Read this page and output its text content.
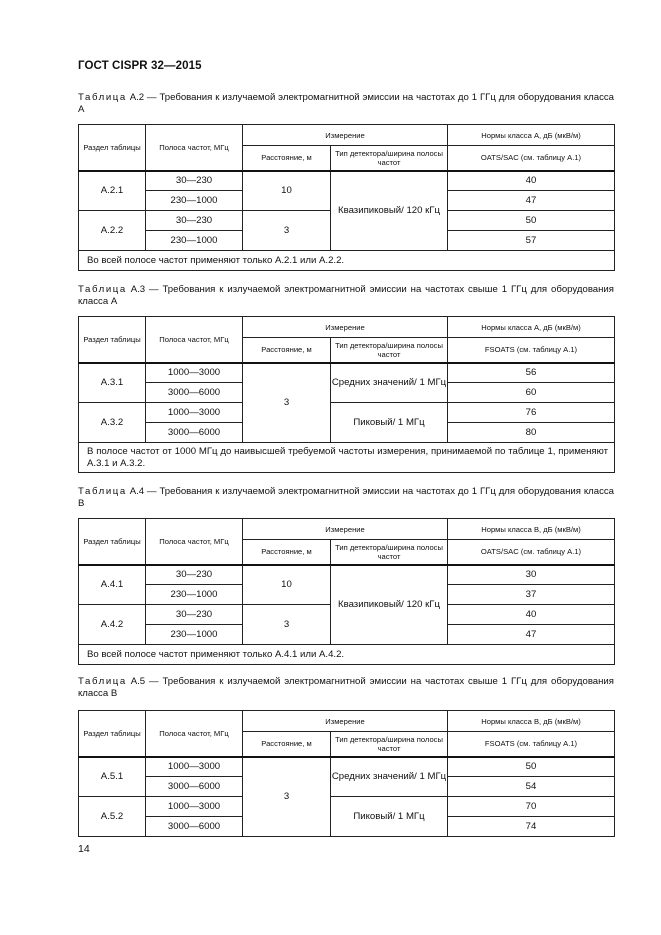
ГОСТ CISPR 32—2015
Таблица А.2 — Требования к излучаемой электромагнитной эмиссии на частотах до 1 ГГц для оборудования класса А
Раздел таблицы	Полоса частот, МГц	Измерение		Нормы класса А, дБ (мкВ/м)
		Расстояние, м	Тип детектора/ширина полосы частот	OATS/SAC (см. таблицу А.1)
А.2.1	30—230	10	Квазипиковый/ 120 кГц	40
	230—1000			47
А.2.2	30—230	3		50
	230—1000			57
Во всей полосе частот применяют только А.2.1 или А.2.2.				
Таблица А.3 — Требования к излучаемой электромагнитной эмиссии на частотах свыше 1 ГГц для оборудования класса А
Раздел таблицы	Полоса частот, МГц	Измерение		Нормы класса А, дБ (мкВ/м)
		Расстояние, м	Тип детектора/ширина полосы частот	FSOATS (см. таблицу А.1)
А.3.1	1000—3000	3	Средних значений/ 1 МГц	56
	3000—6000			60
А.3.2	1000—3000		Пиковый/ 1 МГц	76
	3000—6000			80
В полосе частот от 1000 МГц до наивысшей требуемой частоты измерения, принимаемой по таблице 1, применяют А.3.1 и А.3.2.				
Таблица А.4 — Требования к излучаемой электромагнитной эмиссии на частотах до 1 ГГц для оборудования класса В
Раздел таблицы	Полоса частот, МГц	Измерение		Нормы класса В, дБ (мкВ/м)
		Расстояние, м	Тип детектора/ширина полосы частот	OATS/SAC (см. таблицу А.1)
А.4.1	30—230	10	Квазипиковый/ 120 кГц	30
	230—1000			37
А.4.2	30—230	3		40
	230—1000			47
Во всей полосе частот применяют только А.4.1 или А.4.2.				
Таблица А.5 — Требования к излучаемой электромагнитной эмиссии на частотах свыше 1 ГГц для оборудования класса В
Раздел таблицы	Полоса частот, МГц	Измерение		Нормы класса В, дБ (мкВ/м)
		Расстояние, м	Тип детектора/ширина полосы частот	FSOATS (см. таблицу А.1)
А.5.1	1000—3000	3	Средних значений/ 1 МГц	50
	3000—6000			54
А.5.2	1000—3000		Пиковый/ 1 МГц	70
	3000—6000			74
14
